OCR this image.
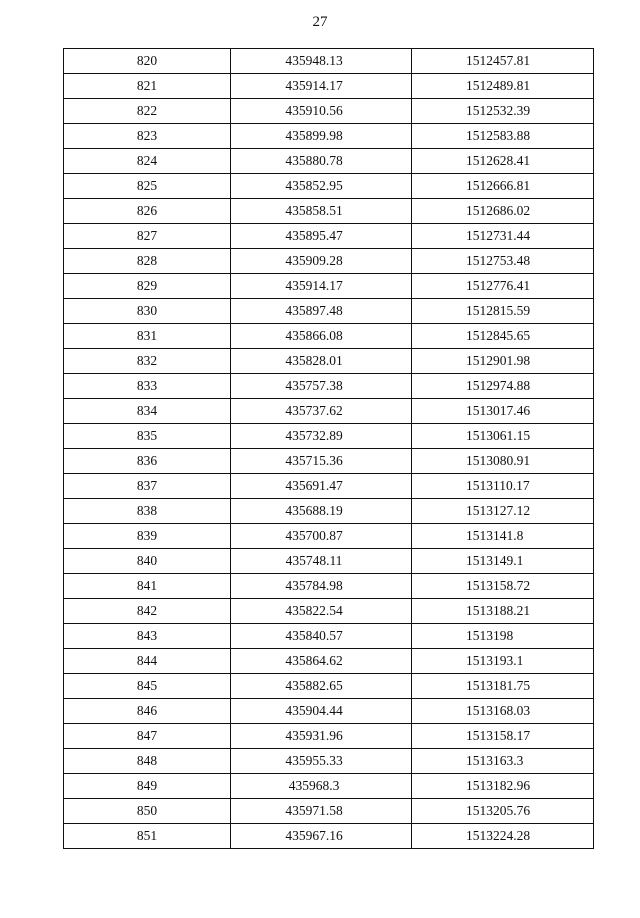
27
820	435948.13	1512457.81
821	435914.17	1512489.81
822	435910.56	1512532.39
823	435899.98	1512583.88
824	435880.78	1512628.41
825	435852.95	1512666.81
826	435858.51	1512686.02
827	435895.47	1512731.44
828	435909.28	1512753.48
829	435914.17	1512776.41
830	435897.48	1512815.59
831	435866.08	1512845.65
832	435828.01	1512901.98
833	435757.38	1512974.88
834	435737.62	1513017.46
835	435732.89	1513061.15
836	435715.36	1513080.91
837	435691.47	1513110.17
838	435688.19	1513127.12
839	435700.87	1513141.8
840	435748.11	1513149.1
841	435784.98	1513158.72
842	435822.54	1513188.21
843	435840.57	1513198
844	435864.62	1513193.1
845	435882.65	1513181.75
846	435904.44	1513168.03
847	435931.96	1513158.17
848	435955.33	1513163.3
849	435968.3	1513182.96
850	435971.58	1513205.76
851	435967.16	1513224.28
